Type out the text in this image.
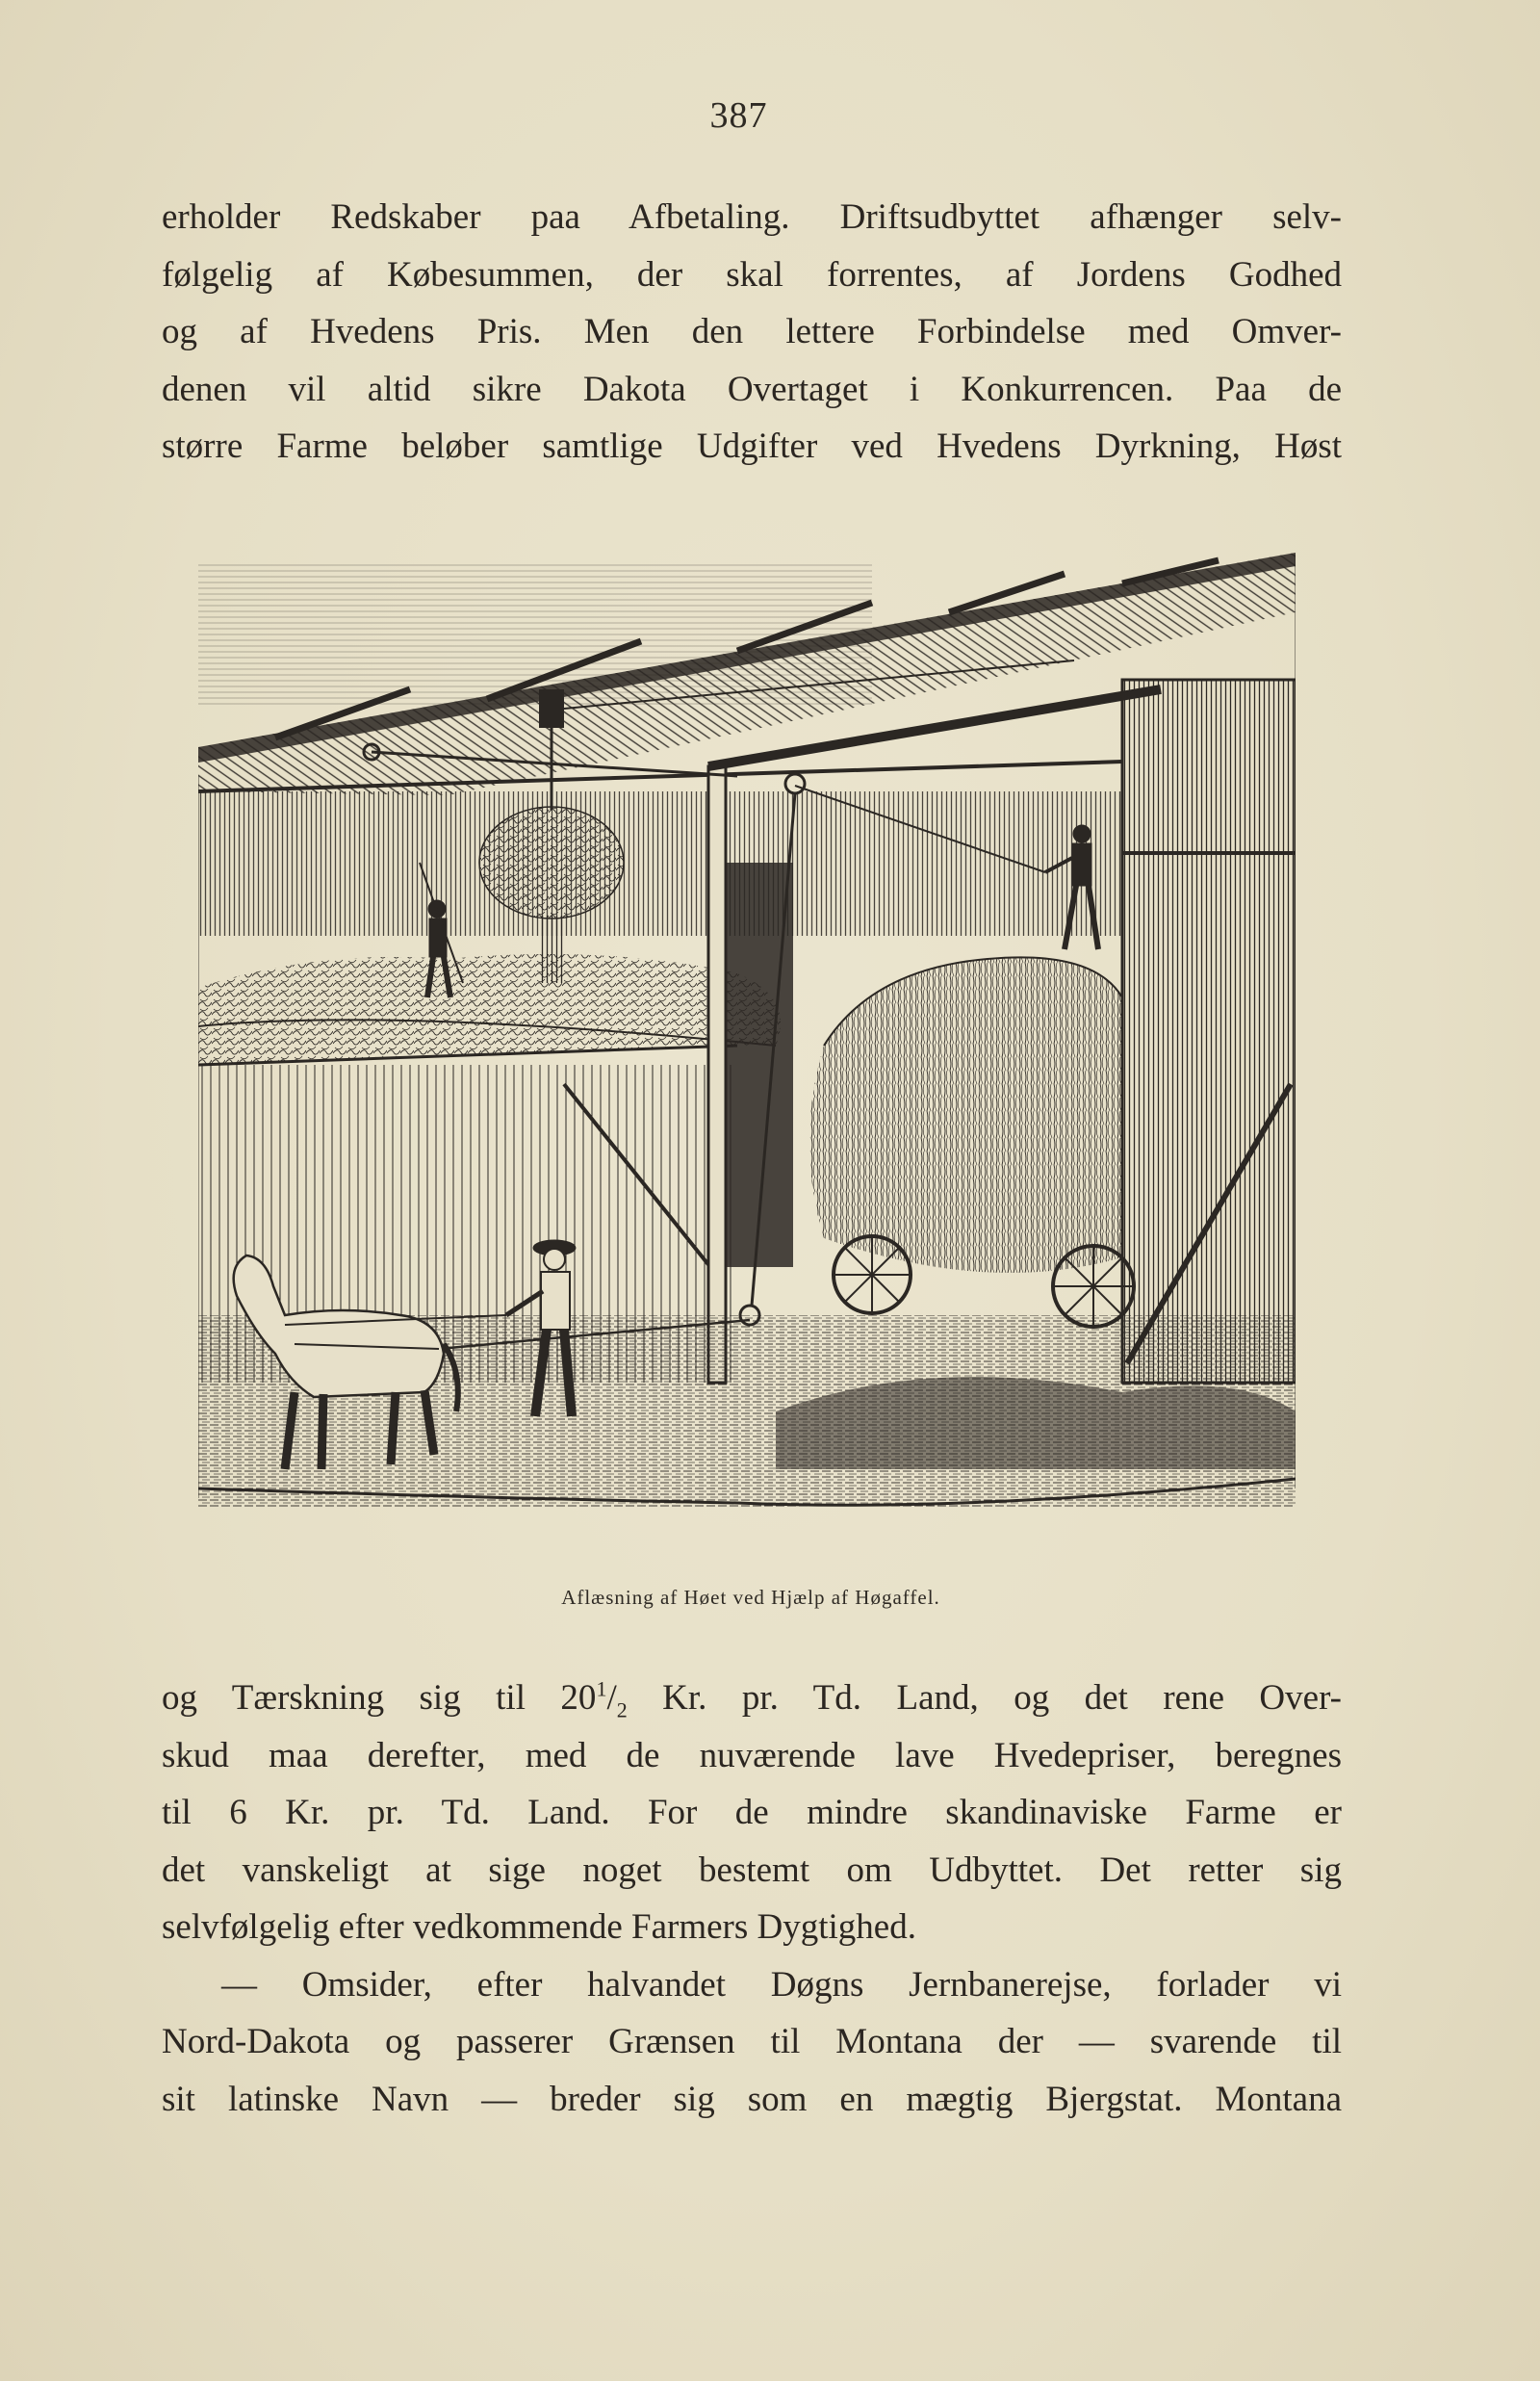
387
erholder Redskaber paa Afbetaling. Driftsudbyttet afhænger selv-
følgelig af Købesummen, der skal forrentes, af Jordens Godhed
og af Hvedens Pris. Men den lettere Forbindelse med Omver-
denen vil altid sikre Dakota Overtaget i Konkurrencen. Paa de
større Farme beløber samtlige Udgifter ved Hvedens Dyrkning, Høst
Aflæsning af Høet ved Hjælp af Høgaffel.
og Tærskning sig til $20^1/_2$ Kr. pr. Td. Land, og det rene Over-
skud maa derefter, med de nuværende lave Hvedepriser, beregnes
til 6 Kr. pr. Td. Land. For de mindre skandinaviske Farme er
det vanskeligt at sige noget bestemt om Udbyttet. Det retter sig
selvfølgelig efter vedkommende Farmers Dygtighed.
— Omsider, efter halvandet Døgns Jernbanerejse, forlader vi
Nord-Dakota og passerer Grænsen til Montana der — svarende til
sit latinske Navn — breder sig som en mægtig Bjergstat. Montana
